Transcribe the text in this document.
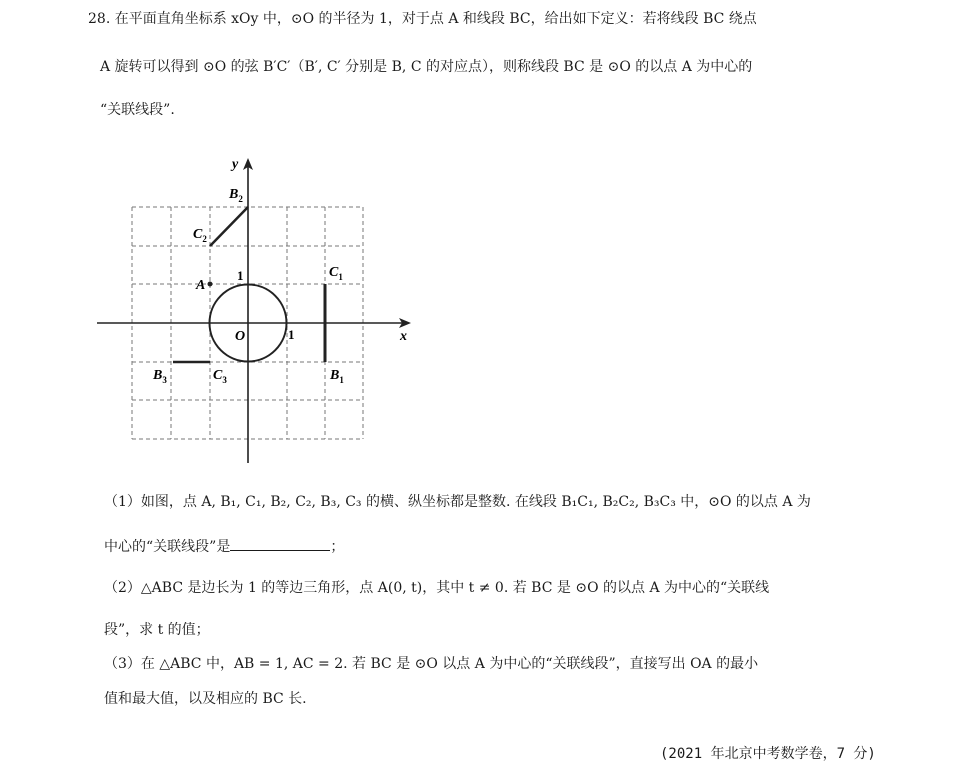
28. 在平面直角坐标系 xOy 中，⊙O 的半径为 1，对于点 A 和线段 BC，给出如下定义：若将线段 BC 绕点
A 旋转可以得到 ⊙O 的弦 B′C′（B′, C′ 分别是 B, C 的对应点），则称线段 BC 是 ⊙O 的以点 A 为中心的
“关联线段”.
x
y
O	1
1
A
$B_2$
$C_2$
$C_1$
$B_1$
$B_3$	$C_3$
（1）如图，点 A, B₁, C₁, B₂, C₂, B₃, C₃ 的横、纵坐标都是整数. 在线段 B₁C₁, B₂C₂, B₃C₃ 中，⊙O 的以点 A 为
中心的“关联线段”是	；
（2）△ABC 是边长为 1 的等边三角形，点 A(0, t)，其中 t ≠ 0. 若 BC 是 ⊙O 的以点 A 为中心的“关联线
段”，求 t 的值；
（3）在 △ABC 中，AB = 1, AC = 2. 若 BC 是 ⊙O 以点 A 为中心的“关联线段”，直接写出 OA 的最小
值和最大值，以及相应的 BC 长.
(2021 年北京中考数学卷，7 分)
